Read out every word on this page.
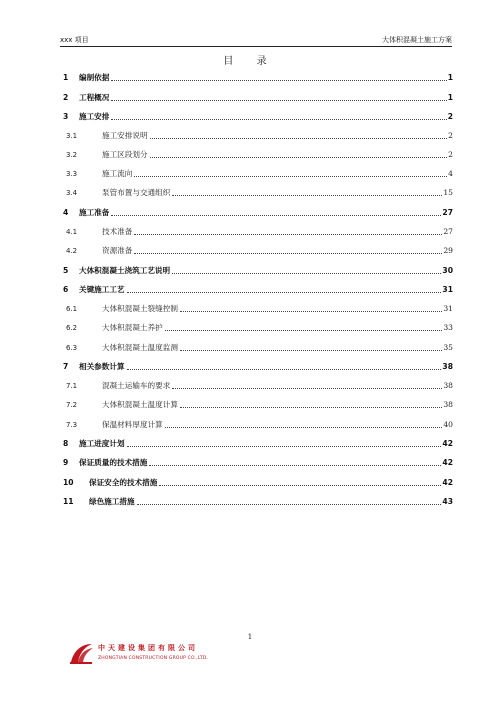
xxx 项目	大体积混凝土施工方案
目 录
1	编制依据	1
2	工程概况	1
3	施工安排	2
3.1	施工安排说明	2
3.2	施工区段划分	2
3.3	施工流向	4
3.4	泵管布置与交通组织	15
4	施工准备	27
4.1	技术准备	27
4.2	资源准备	29
5	大体积混凝土浇筑工艺说明	30
6	关键施工工艺	31
6.1	大体积混凝土裂缝控制	31
6.2	大体积混凝土养护	33
6.3	大体积混凝土温度监测	35
7	相关参数计算	38
7.1	混凝土运输车的要求	38
7.2	大体积混凝土温度计算	38
7.3	保温材料厚度计算	40
8	施工进度计划	42
9	保证质量的技术措施	42
10	保证安全的技术措施	42
11	绿色施工措施	43
1
中天建设集团有限公司
ZHONGTIAN CONSTRUCTION GROUP CO.,LTD.
